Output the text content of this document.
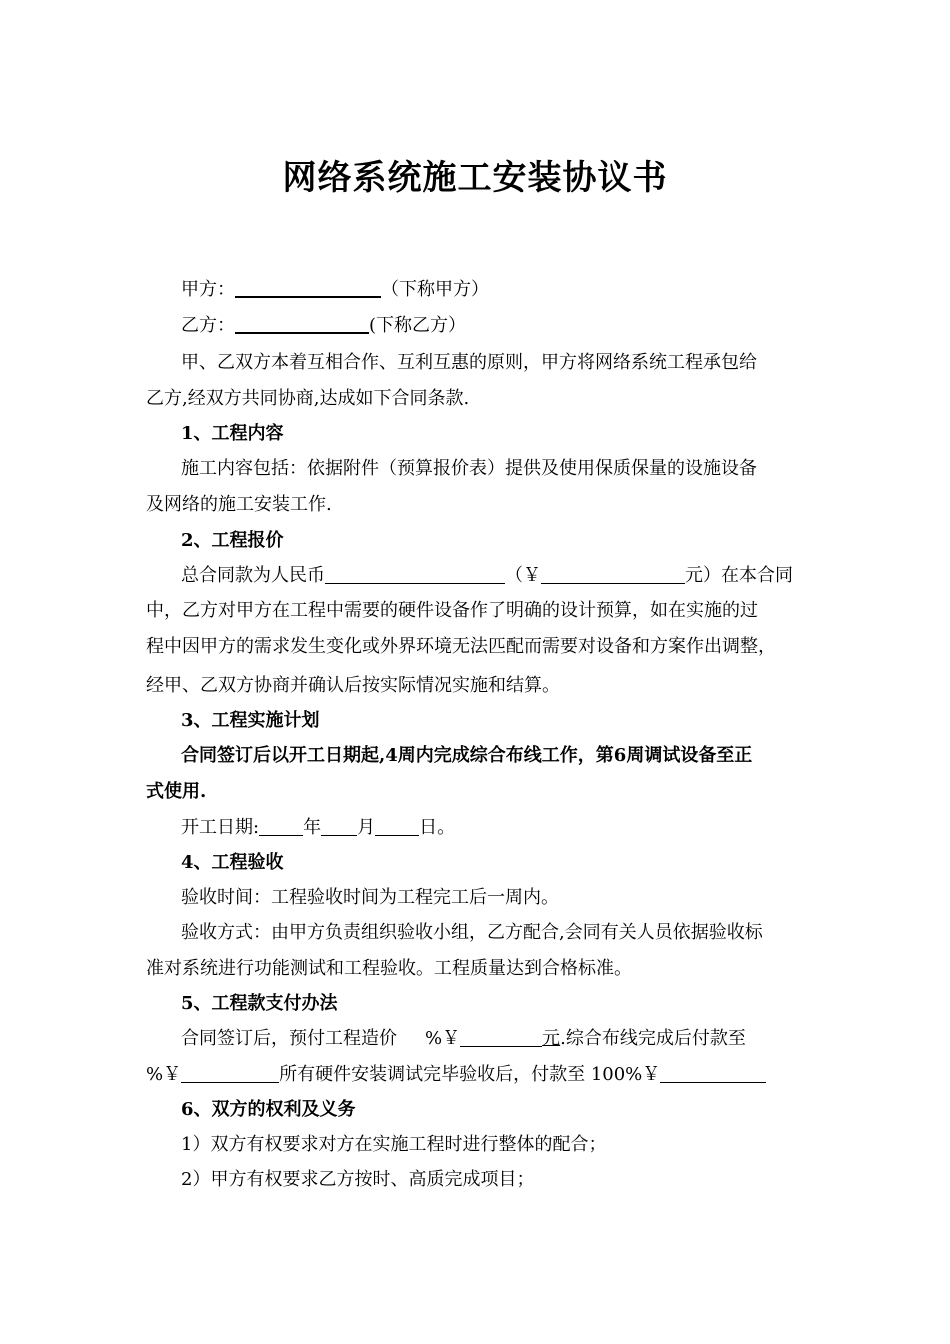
网络系统施工安装协议书
甲方：	（下称甲方）
乙方：	(下称乙方）
甲、乙双方本着互相合作、互利互惠的原则，甲方将网络系统工程承包给
乙方,经双方共同协商,达成如下合同条款.
1、工程内容
施工内容包括：依据附件（预算报价表）提供及使用保质保量的设施设备
及网络的施工安装工作.
2、工程报价
总合同款为人民币	（￥	元）在本合同
中，乙方对甲方在工程中需要的硬件设备作了明确的设计预算，如在实施的过
程中因甲方的需求发生变化或外界环境无法匹配而需要对设备和方案作出调整，
经甲、乙双方协商并确认后按实际情况实施和结算。
3、工程实施计划
合同签订后以开工日期起,4周内完成综合布线工作，第6周调试设备至正
式使用.
开工日期: 年 月 日。
4、工程验收
验收时间：工程验收时间为工程完工后一周内。
验收方式：由甲方负责组织验收小组，乙方配合,会同有关人员依据验收标
准对系统进行功能测试和工程验收。工程质量达到合格标准。
5、工程款支付办法
合同签订后，预付工程造价 %￥	元.综合布线完成后付款至
%￥	所有硬件安装调试完毕验收后，付款至 100%￥
6、双方的权利及义务
1）双方有权要求对方在实施工程时进行整体的配合；
2）甲方有权要求乙方按时、高质完成项目；
